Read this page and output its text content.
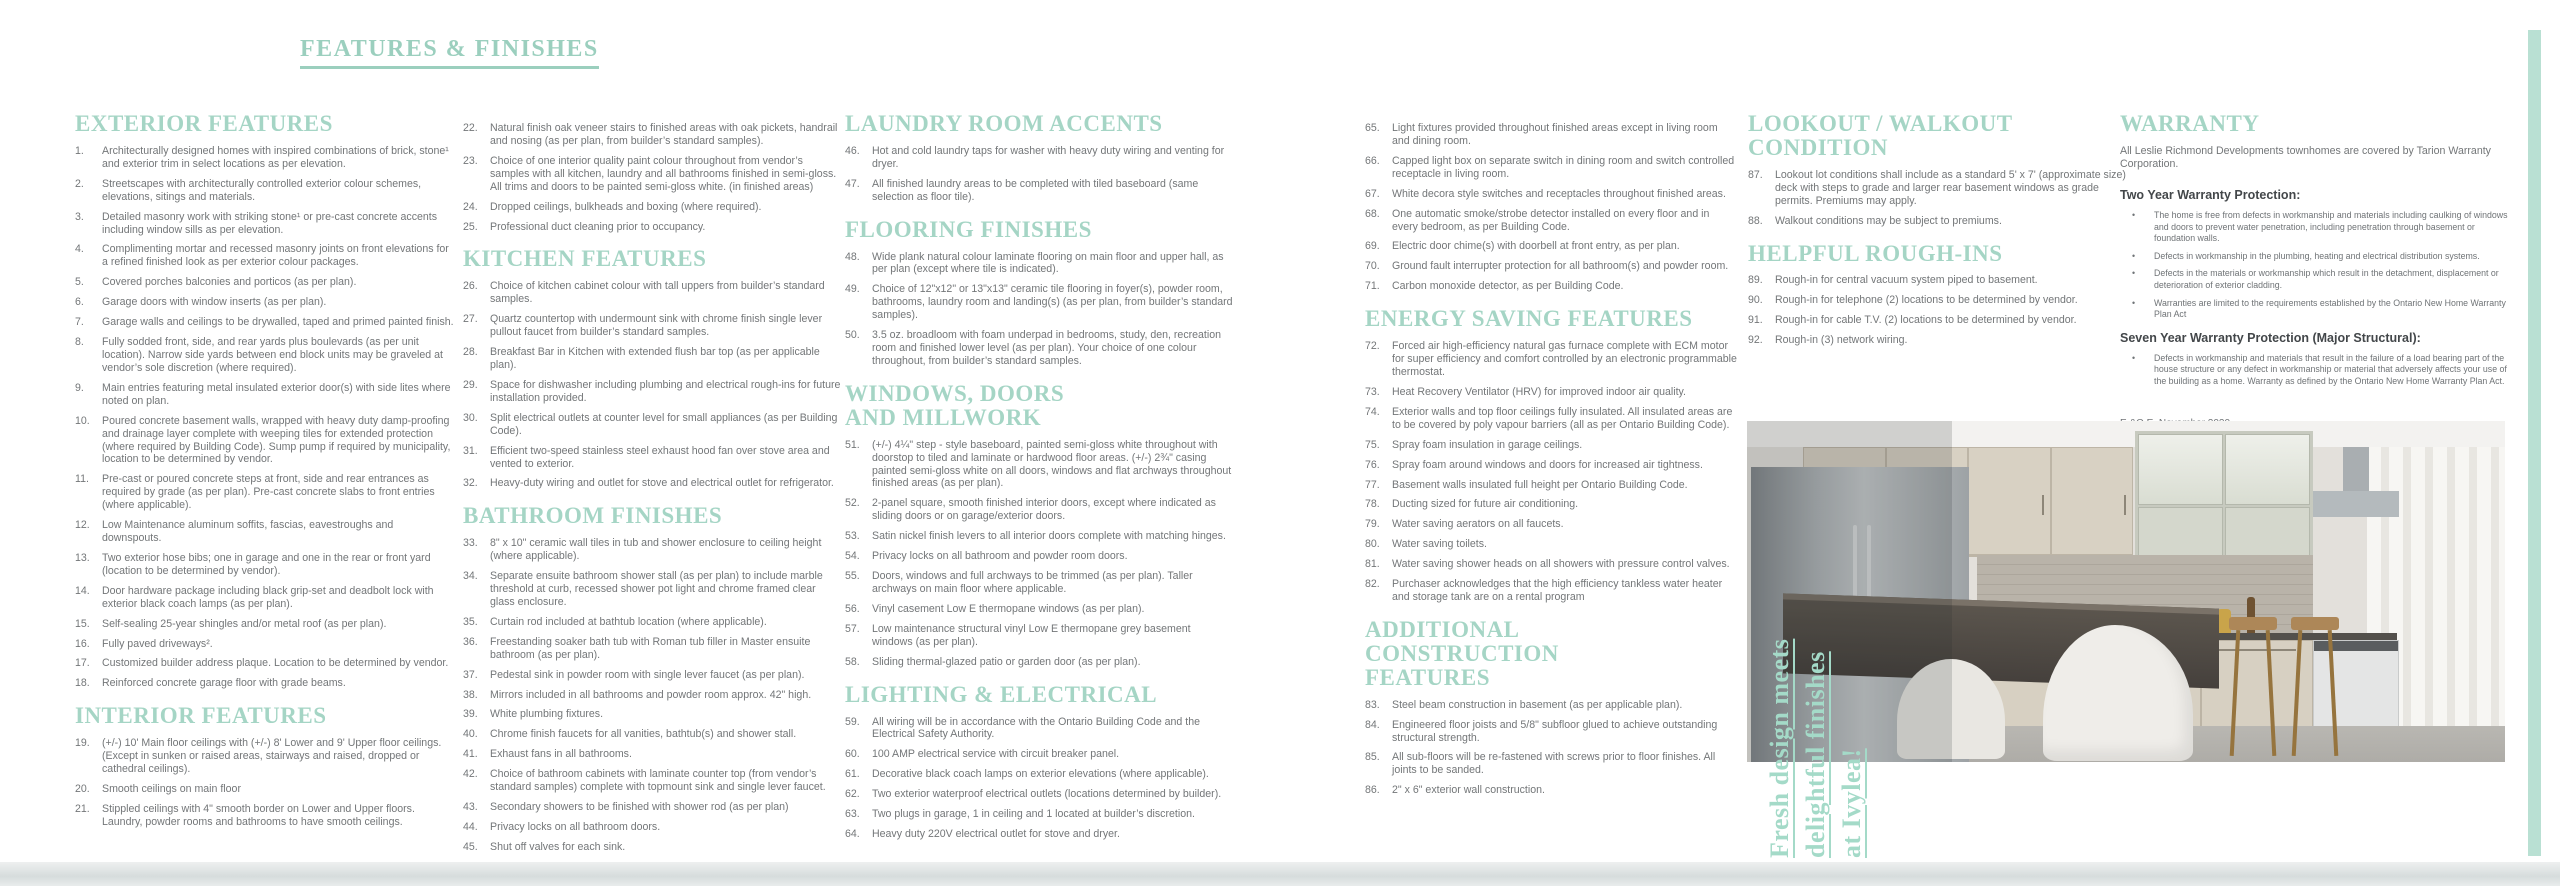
FEATURES & FINISHES
EXTERIOR FEATURES
1.	Architecturally designed homes with inspired combinations of brick, stone¹ and exterior trim in select locations as per elevation.
2.	Streetscapes with architecturally controlled exterior colour schemes, elevations, sitings and materials.
3.	Detailed masonry work with striking stone¹ or pre-cast concrete accents including window sills as per elevation.
4.	Complimenting mortar and recessed masonry joints on front elevations for a refined finished look as per exterior colour packages.
5.	Covered porches balconies and porticos (as per plan).
6.	Garage doors with window inserts (as per plan).
7.	Garage walls and ceilings to be drywalled, taped and primed painted finish.
8.	Fully sodded front, side, and rear yards plus boulevards (as per unit location). Narrow side yards between end block units may be graveled at vendor’s sole discretion (where required).
9.	Main entries featuring metal insulated exterior door(s) with side lites where noted on plan.
10.	Poured concrete basement walls, wrapped with heavy duty damp-proofing and drainage layer complete with weeping tiles for extended protection (where required by Building Code). Sump pump if required by municipality, location to be determined by vendor.
11.	Pre-cast or poured concrete steps at front, side and rear entrances as required by grade (as per plan). Pre-cast concrete slabs to front entries (where applicable).
12.	Low Maintenance aluminum soffits, fascias, eavestroughs and downspouts.
13.	Two exterior hose bibs; one in garage and one in the rear or front yard (location to be determined by vendor).
14.	Door hardware package including black grip-set and deadbolt lock with exterior black coach lamps (as per plan).
15.	Self-sealing 25-year shingles and/or metal roof (as per plan).
16.	Fully paved driveways².
17.	Customized builder address plaque. Location to be determined by vendor.
18.	Reinforced concrete garage floor with grade beams.
INTERIOR FEATURES
19.	(+/-) 10' Main floor ceilings with (+/-) 8' Lower and 9' Upper floor ceilings. (Except in sunken or raised areas, stairways and raised, dropped or cathedral ceilings).
20.	Smooth ceilings on main floor
21.	Stippled ceilings with 4" smooth border on Lower and Upper floors. Laundry, powder rooms and bathrooms to have smooth ceilings.
22.	Natural finish oak veneer stairs to finished areas with oak pickets, handrail and nosing (as per plan, from builder’s standard samples).
23.	Choice of one interior quality paint colour throughout from vendor’s samples with all kitchen, laundry and all bathrooms finished in semi-gloss. All trims and doors to be painted semi-gloss white. (in finished areas)
24.	Dropped ceilings, bulkheads and boxing (where required).
25.	Professional duct cleaning prior to occupancy.
KITCHEN FEATURES
26.	Choice of kitchen cabinet colour with tall uppers from builder’s standard samples.
27.	Quartz countertop with undermount sink with chrome finish single lever pullout faucet from builder’s standard samples.
28.	Breakfast Bar in Kitchen with extended flush bar top (as per applicable plan).
29.	Space for dishwasher including plumbing and electrical rough-ins for future installation provided.
30.	Split electrical outlets at counter level for small appliances (as per Building Code).
31.	Efficient two-speed stainless steel exhaust hood fan over stove area and vented to exterior.
32.	Heavy-duty wiring and outlet for stove and electrical outlet for refrigerator.
BATHROOM FINISHES
33.	8" x 10" ceramic wall tiles in tub and shower enclosure to ceiling height (where applicable).
34.	Separate ensuite bathroom shower stall (as per plan) to include marble threshold at curb, recessed shower pot light and chrome framed clear glass enclosure.
35.	Curtain rod included at bathtub location (where applicable).
36.	Freestanding soaker bath tub with Roman tub filler in Master ensuite bathroom (as per plan).
37.	Pedestal sink in powder room with single lever faucet (as per plan).
38.	Mirrors included in all bathrooms and powder room approx. 42" high.
39.	White plumbing fixtures.
40.	Chrome finish faucets for all vanities, bathtub(s) and shower stall.
41.	Exhaust fans in all bathrooms.
42.	Choice of bathroom cabinets with laminate counter top (from vendor’s standard samples) complete with topmount sink and single lever faucet.
43.	Secondary showers to be finished with shower rod (as per plan)
44.	Privacy locks on all bathroom doors.
45.	Shut off valves for each sink.
LAUNDRY ROOM ACCENTS
46.	Hot and cold laundry taps for washer with heavy duty wiring and venting for dryer.
47.	All finished laundry areas to be completed with tiled baseboard (same selection as floor tile).
FLOORING FINISHES
48.	Wide plank natural colour laminate flooring on main floor and upper hall, as per plan (except where tile is indicated).
49.	Choice of 12"x12" or 13"x13" ceramic tile flooring in foyer(s), powder room, bathrooms, laundry room and landing(s) (as per plan, from builder’s standard samples).
50.	3.5 oz. broadloom with foam underpad in bedrooms, study, den, recreation room and finished lower level (as per plan). Your choice of one colour throughout, from builder’s standard samples.
WINDOWS, DOORS AND MILLWORK
51.	(+/-) 4¼" step - style baseboard, painted semi-gloss white throughout with doorstop to tiled and laminate or hardwood floor areas. (+/-) 2¾" casing painted semi-gloss white on all doors, windows and flat archways throughout finished areas (as per plan).
52.	2-panel square, smooth finished interior doors, except where indicated as sliding doors or on garage/exterior doors.
53.	Satin nickel finish levers to all interior doors complete with matching hinges.
54.	Privacy locks on all bathroom and powder room doors.
55.	Doors, windows and full archways to be trimmed (as per plan). Taller archways on main floor where applicable.
56.	Vinyl casement Low E thermopane windows (as per plan).
57.	Low maintenance structural vinyl Low E thermopane grey basement windows (as per plan).
58.	Sliding thermal-glazed patio or garden door (as per plan).
LIGHTING & ELECTRICAL
59.	All wiring will be in accordance with the Ontario Building Code and the Electrical Safety Authority.
60.	100 AMP electrical service with circuit breaker panel.
61.	Decorative black coach lamps on exterior elevations (where applicable).
62.	Two exterior waterproof electrical outlets (locations determined by builder).
63.	Two plugs in garage, 1 in ceiling and 1 located at builder’s discretion.
64.	Heavy duty 220V electrical outlet for stove and dryer.
65.	Light fixtures provided throughout finished areas except in living room and dining room.
66.	Capped light box on separate switch in dining room and switch controlled receptacle in living room.
67.	White decora style switches and receptacles throughout finished areas.
68.	One automatic smoke/strobe detector installed on every floor and in every bedroom, as per Building Code.
69.	Electric door chime(s) with doorbell at front entry, as per plan.
70.	Ground fault interrupter protection for all bathroom(s) and powder room.
71.	Carbon monoxide detector, as per Building Code.
ENERGY SAVING FEATURES
72.	Forced air high-efficiency natural gas furnace complete with ECM motor for super efficiency and comfort controlled by an electronic programmable thermostat.
73.	Heat Recovery Ventilator (HRV) for improved indoor air quality.
74.	Exterior walls and top floor ceilings fully insulated. All insulated areas are to be covered by poly vapour barriers (all as per Ontario Building Code).
75.	Spray foam insulation in garage ceilings.
76.	Spray foam around windows and doors for increased air tightness.
77.	Basement walls insulated full height per Ontario Building Code.
78.	Ducting sized for future air conditioning.
79.	Water saving aerators on all faucets.
80.	Water saving toilets.
81.	Water saving shower heads on all showers with pressure control valves.
82.	Purchaser acknowledges that the high efficiency tankless water heater and storage tank are on a rental program
ADDITIONAL CONSTRUCTION FEATURES
83.	Steel beam construction in basement (as per applicable plan).
84.	Engineered floor joists and 5/8" subfloor glued to achieve outstanding structural strength.
85.	All sub-floors will be re-fastened with screws prior to floor finishes. All joints to be sanded.
86.	2" x 6" exterior wall construction.
LOOKOUT / WALKOUT CONDITION
87.	Lookout lot conditions shall include as a standard 5' x 7' (approximate size) deck with steps to grade and larger rear basement windows as grade permits. Premiums may apply.
88.	Walkout conditions may be subject to premiums.
HELPFUL ROUGH-INS
89.	Rough-in for central vacuum system piped to basement.
90.	Rough-in for telephone (2) locations to be determined by vendor.
91.	Rough-in for cable T.V. (2) locations to be determined by vendor.
92.	Rough-in (3) network wiring.
WARRANTY

All Leslie Richmond Developments townhomes are covered by Tarion Warranty Corporation.

Two Year Warranty Protection:
•	The home is free from defects in workmanship and materials including caulking of windows and doors to prevent water penetration, including penetration through basement or foundation walls.
•	Defects in workmanship in the plumbing, heating and electrical distribution systems.
•	Defects in the materials or workmanship which result in the detachment, displacement or deterioration of exterior cladding.
•	Warranties are limited to the requirements established by the Ontario New Home Warranty Plan Act
Seven Year Warranty Protection (Major Structural):
•	Defects in workmanship and materials that result in the failure of a load bearing part of the house structure or any defect in workmanship or material that adversely affects your use of the building as a home. Warranty as defined by the Ontario New Home Warranty Plan Act.
Fresh design meets delightful finishes at Ivylea!
